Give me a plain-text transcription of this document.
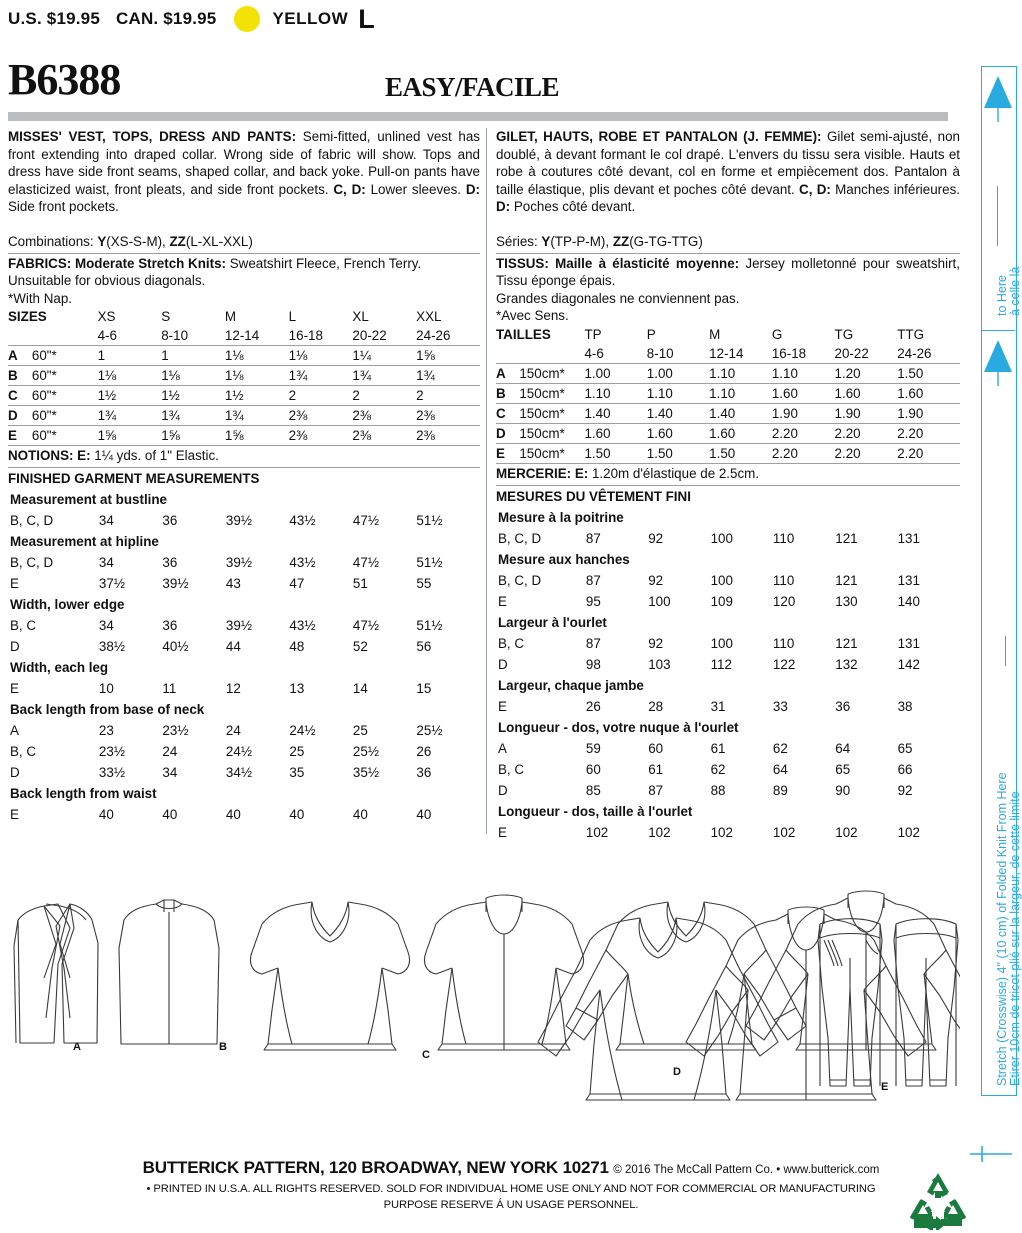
U.S. $19.95 CAN. $19.95	YELLOW L
B6388	EASY/FACILE

MISSES' VEST, TOPS, DRESS AND PANTS: Semi-fitted, unlined vest has front extending into draped collar. Wrong side of fabric will show. Tops and dress have side front seams, shaped collar, and back yoke. Pull-on pants have elasticized waist, front pleats, and side front pockets. C, D: Lower sleeves. D: Side front pockets.

Combinations: Y(XS-S-M), ZZ(L-XL-XXL)

FABRICS: Moderate Stretch Knits: Sweatshirt Fleece, French Terry.

Unsuitable for obvious diagonals.

*With Nap.

SIZES		XS	S	M	L	XL	XXL
		4-6	8-10	12-14	16-18	20-22	24-26
A	60"*	1	1	1⅛	1⅛	1¼	1⅝
B	60"*	1⅛	1⅛	1⅛	1¾	1¾	1¾
C	60"*	1½	1½	1½	2	2	2
D	60"*	1¾	1¾	1¾	2⅜	2⅜	2⅜
E	60"*	1⅝	1⅝	1⅝	2⅜	2⅜	2⅜
NOTIONS: E: 1¼ yds. of 1" Elastic.
FINISHED GARMENT MEASUREMENTS
Measurement at bustline						
B, C, D	34	36	39½	43½	47½	51½
Measurement at hipline						
B, C, D	34	36	39½	43½	47½	51½
E	37½	39½	43	47	51	55
Width, lower edge						
B, C	34	36	39½	43½	47½	51½
D	38½	40½	44	48	52	56
Width, each leg						
E	10	11	12	13	14	15
Back length from base of neck						
A	23	23½	24	24½	25	25½
B, C	23½	24	24½	25	25½	26
D	33½	34	34½	35	35½	36
Back length from waist						
E	40	40	40	40	40	40

GILET, HAUTS, ROBE ET PANTALON (J. FEMME): Gilet semi-ajusté, non doublé, à devant formant le col drapé. L'envers du tissu sera visible. Hauts et robe à coutures côté devant, col en forme et empiècement dos. Pantalon à taille élastique, plis devant et poches côté devant. C, D: Manches inférieures. D: Poches côté devant.

Séries: Y(TP-P-M), ZZ(G-TG-TTG)

TISSUS: Maille à élasticité moyenne: Jersey molletonné pour sweatshirt, Tissu éponge épais.

Grandes diagonales ne conviennent pas.

*Avec Sens.

TAILLES		TP	P	M	G	TG	TTG
		4-6	8-10	12-14	16-18	20-22	24-26
A	150cm*	1.00	1.00	1.10	1.10	1.20	1.50
B	150cm*	1.10	1.10	1.10	1.60	1.60	1.60
C	150cm*	1.40	1.40	1.40	1.90	1.90	1.90
D	150cm*	1.60	1.60	1.60	2.20	2.20	2.20
E	150cm*	1.50	1.50	1.50	2.20	2.20	2.20
MERCERIE: E: 1.20m d'élastique de 2.5cm.
MESURES DU VÊTEMENT FINI
Mesure à la poitrine						
B, C, D	87	92	100	110	121	131
Mesure aux hanches						
B, C, D	87	92	100	110	121	131
E	95	100	109	120	130	140
Largeur à l'ourlet						
B, C	87	92	100	110	121	131
D	98	103	112	122	132	142
Largeur, chaque jambe						
E	26	28	31	33	36	38
Longueur - dos, votre nuque à l'ourlet						
A	59	60	61	62	64	65
B, C	60	61	62	64	65	66
D	85	87	88	89	90	92
Longueur - dos, taille à l'ourlet						
E	102	102	102	102	102	102
A	B
C
D
E
to Here à celle là
Stretch (Crosswise) 4" (10 cm) of Folded Knit From Here Etirer 10cm de tricot plié sur la largeur, de cette limite
BUTTERICK PATTERN, 120 BROADWAY, NEW YORK 10271 © 2016 The McCall Pattern Co. • www.butterick.com
• PRINTED IN U.S.A. ALL RIGHTS RESERVED. SOLD FOR INDIVIDUAL HOME USE ONLY AND NOT FOR COMMERCIAL OR MANUFACTURING
PURPOSE RESERVE Á UN USAGE PERSONNEL.
